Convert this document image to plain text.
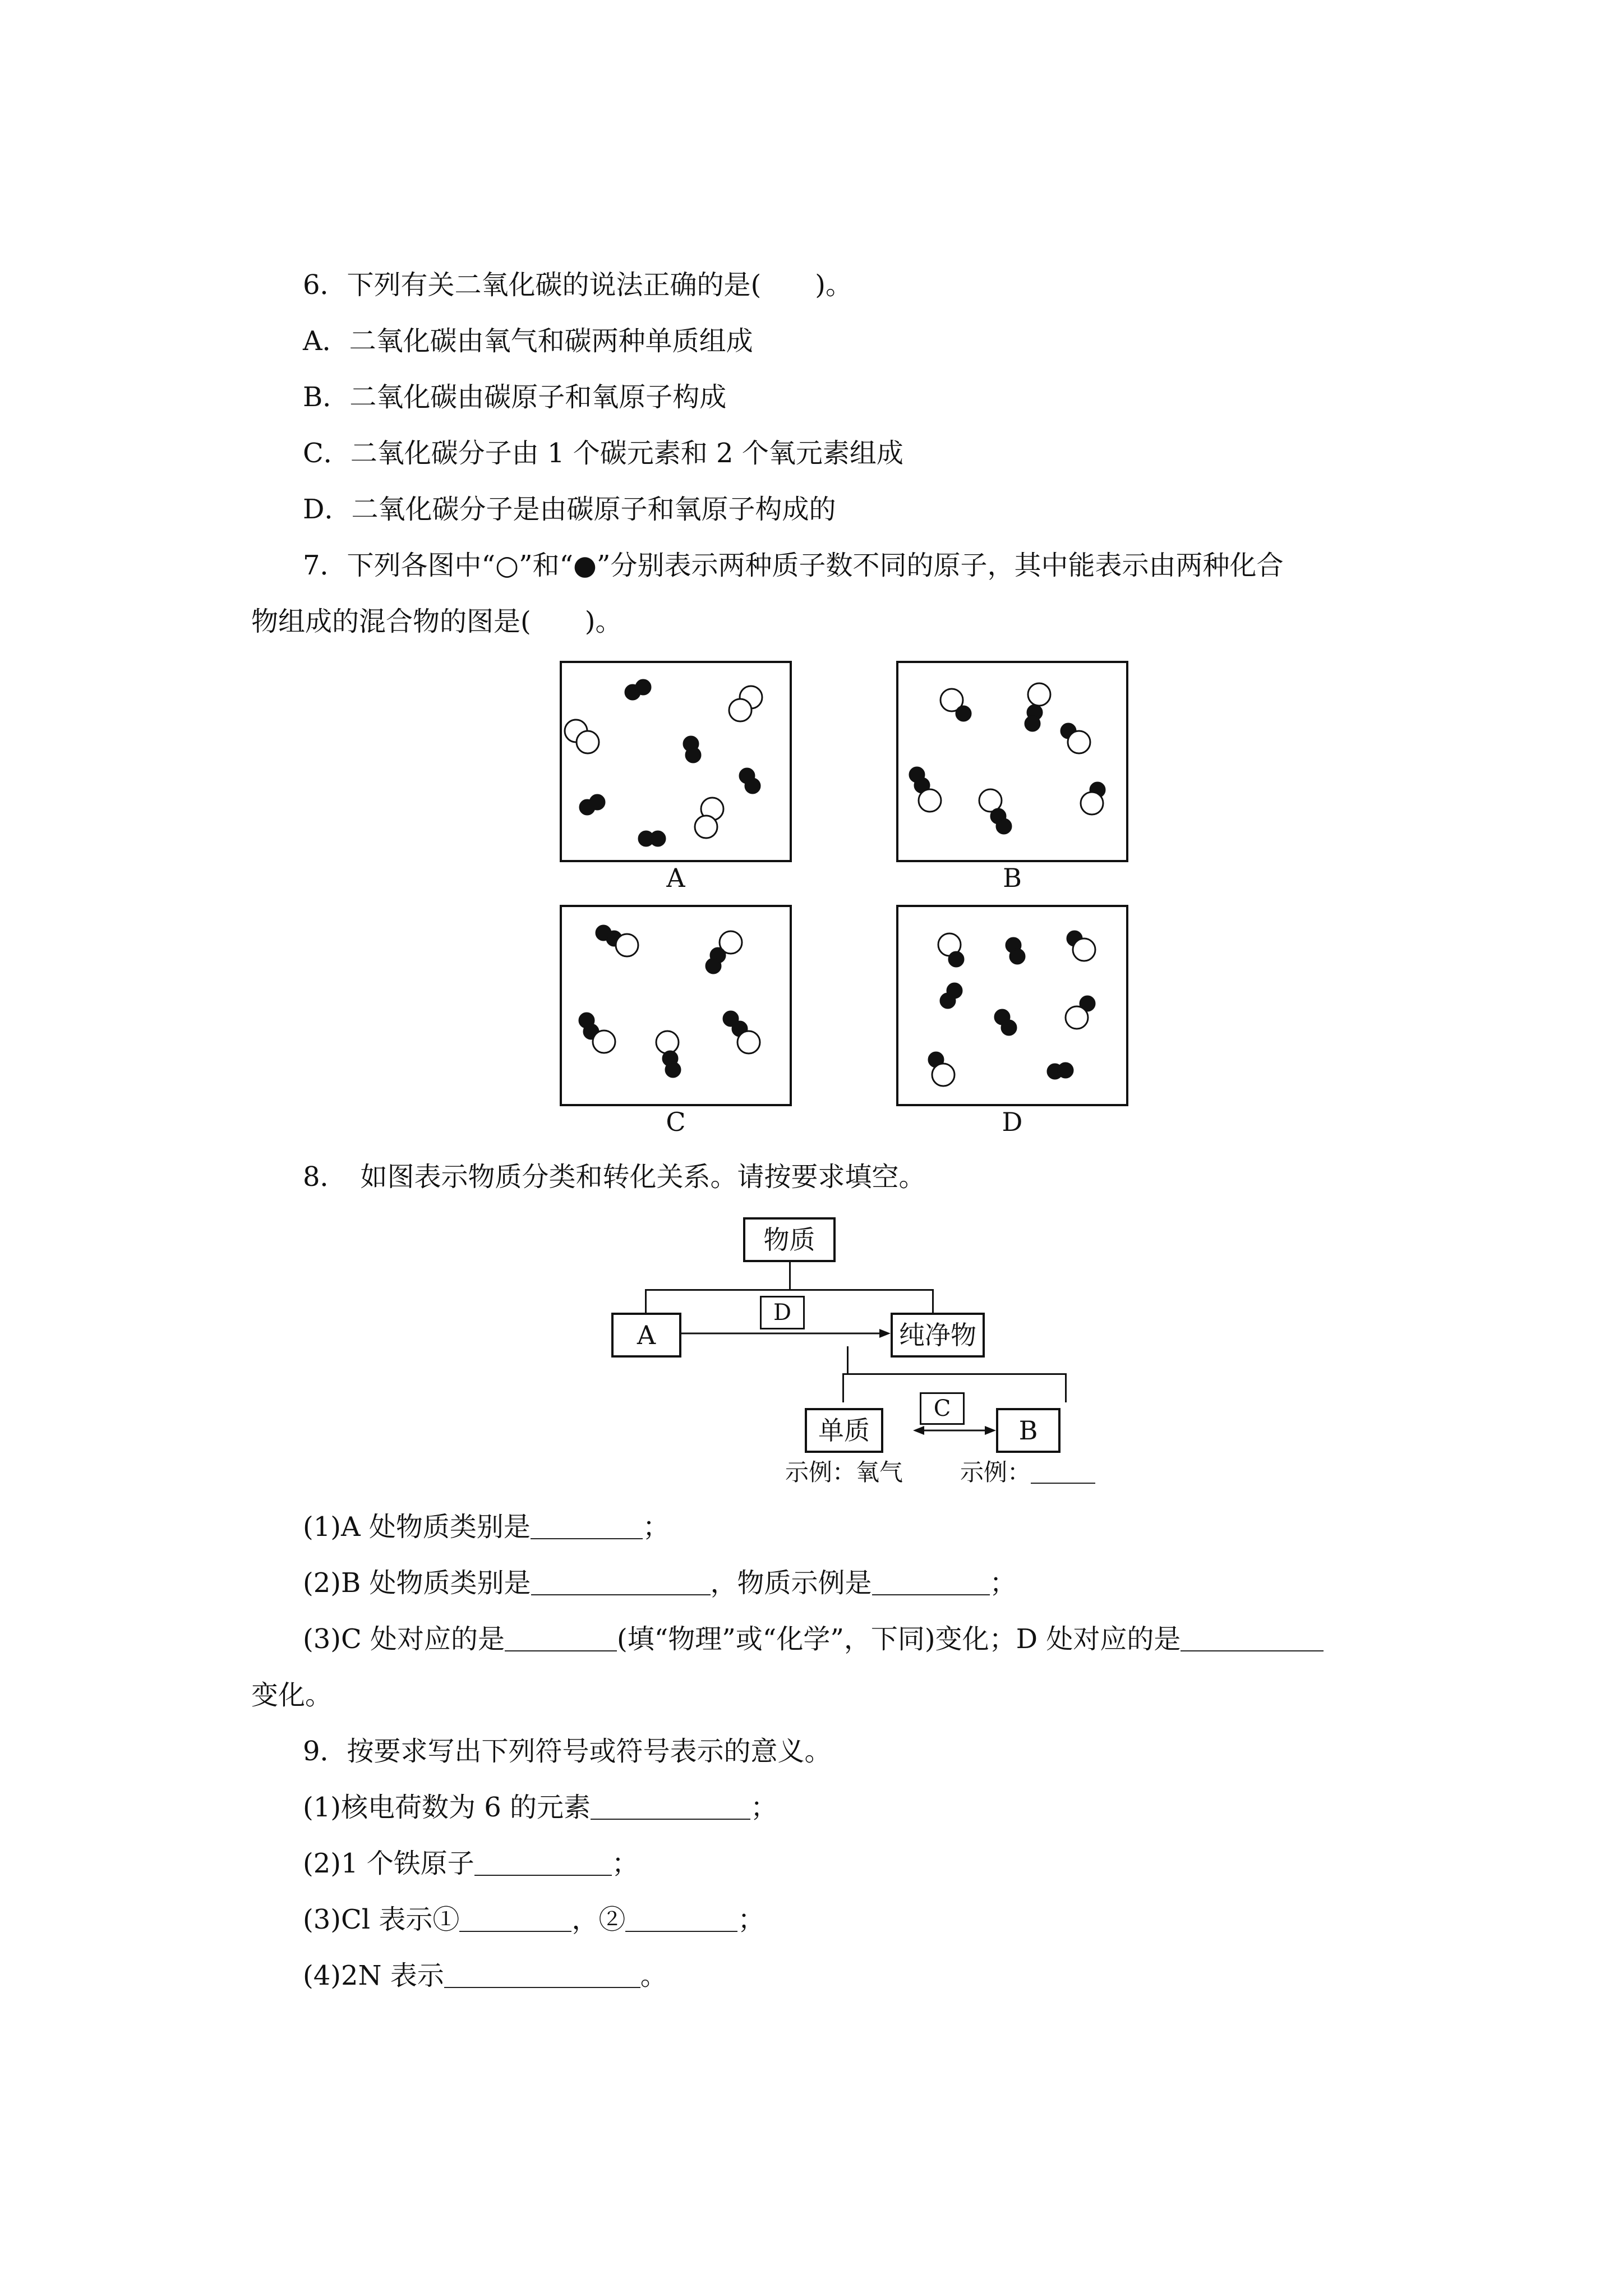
6．下列有关二氧化碳的说法正确的是(　　)。
A．二氧化碳由氧气和碳两种单质组成
B．二氧化碳由碳原子和氧原子构成
C．二氧化碳分子由 1 个碳元素和 2 个氧元素组成
D．二氧化碳分子是由碳原子和氧原子构成的
7．下列各图中“○”和“●”分别表示两种质子数不同的原子，其中能表示由两种化合
物组成的混合物的图是(　　)。
A	B
C	D
8．　如图表示物质分类和转化关系。请按要求填空。
物质
A
D
纯净物
单质
C
B
示例：氧气 示例：
(1)A 处物质类别是	；
(2)B 处物质类别是	，物质示例是	；
(3)C 处对应的是	(填“物理”或“化学”，下同)变化；D 处对应的是
变化。
9．按要求写出下列符号或符号表示的意义。
(1)核电荷数为 6 的元素	；
(2)1 个铁原子	；
(3)Cl 表示①	，②	；
(4)2N 表示	。
